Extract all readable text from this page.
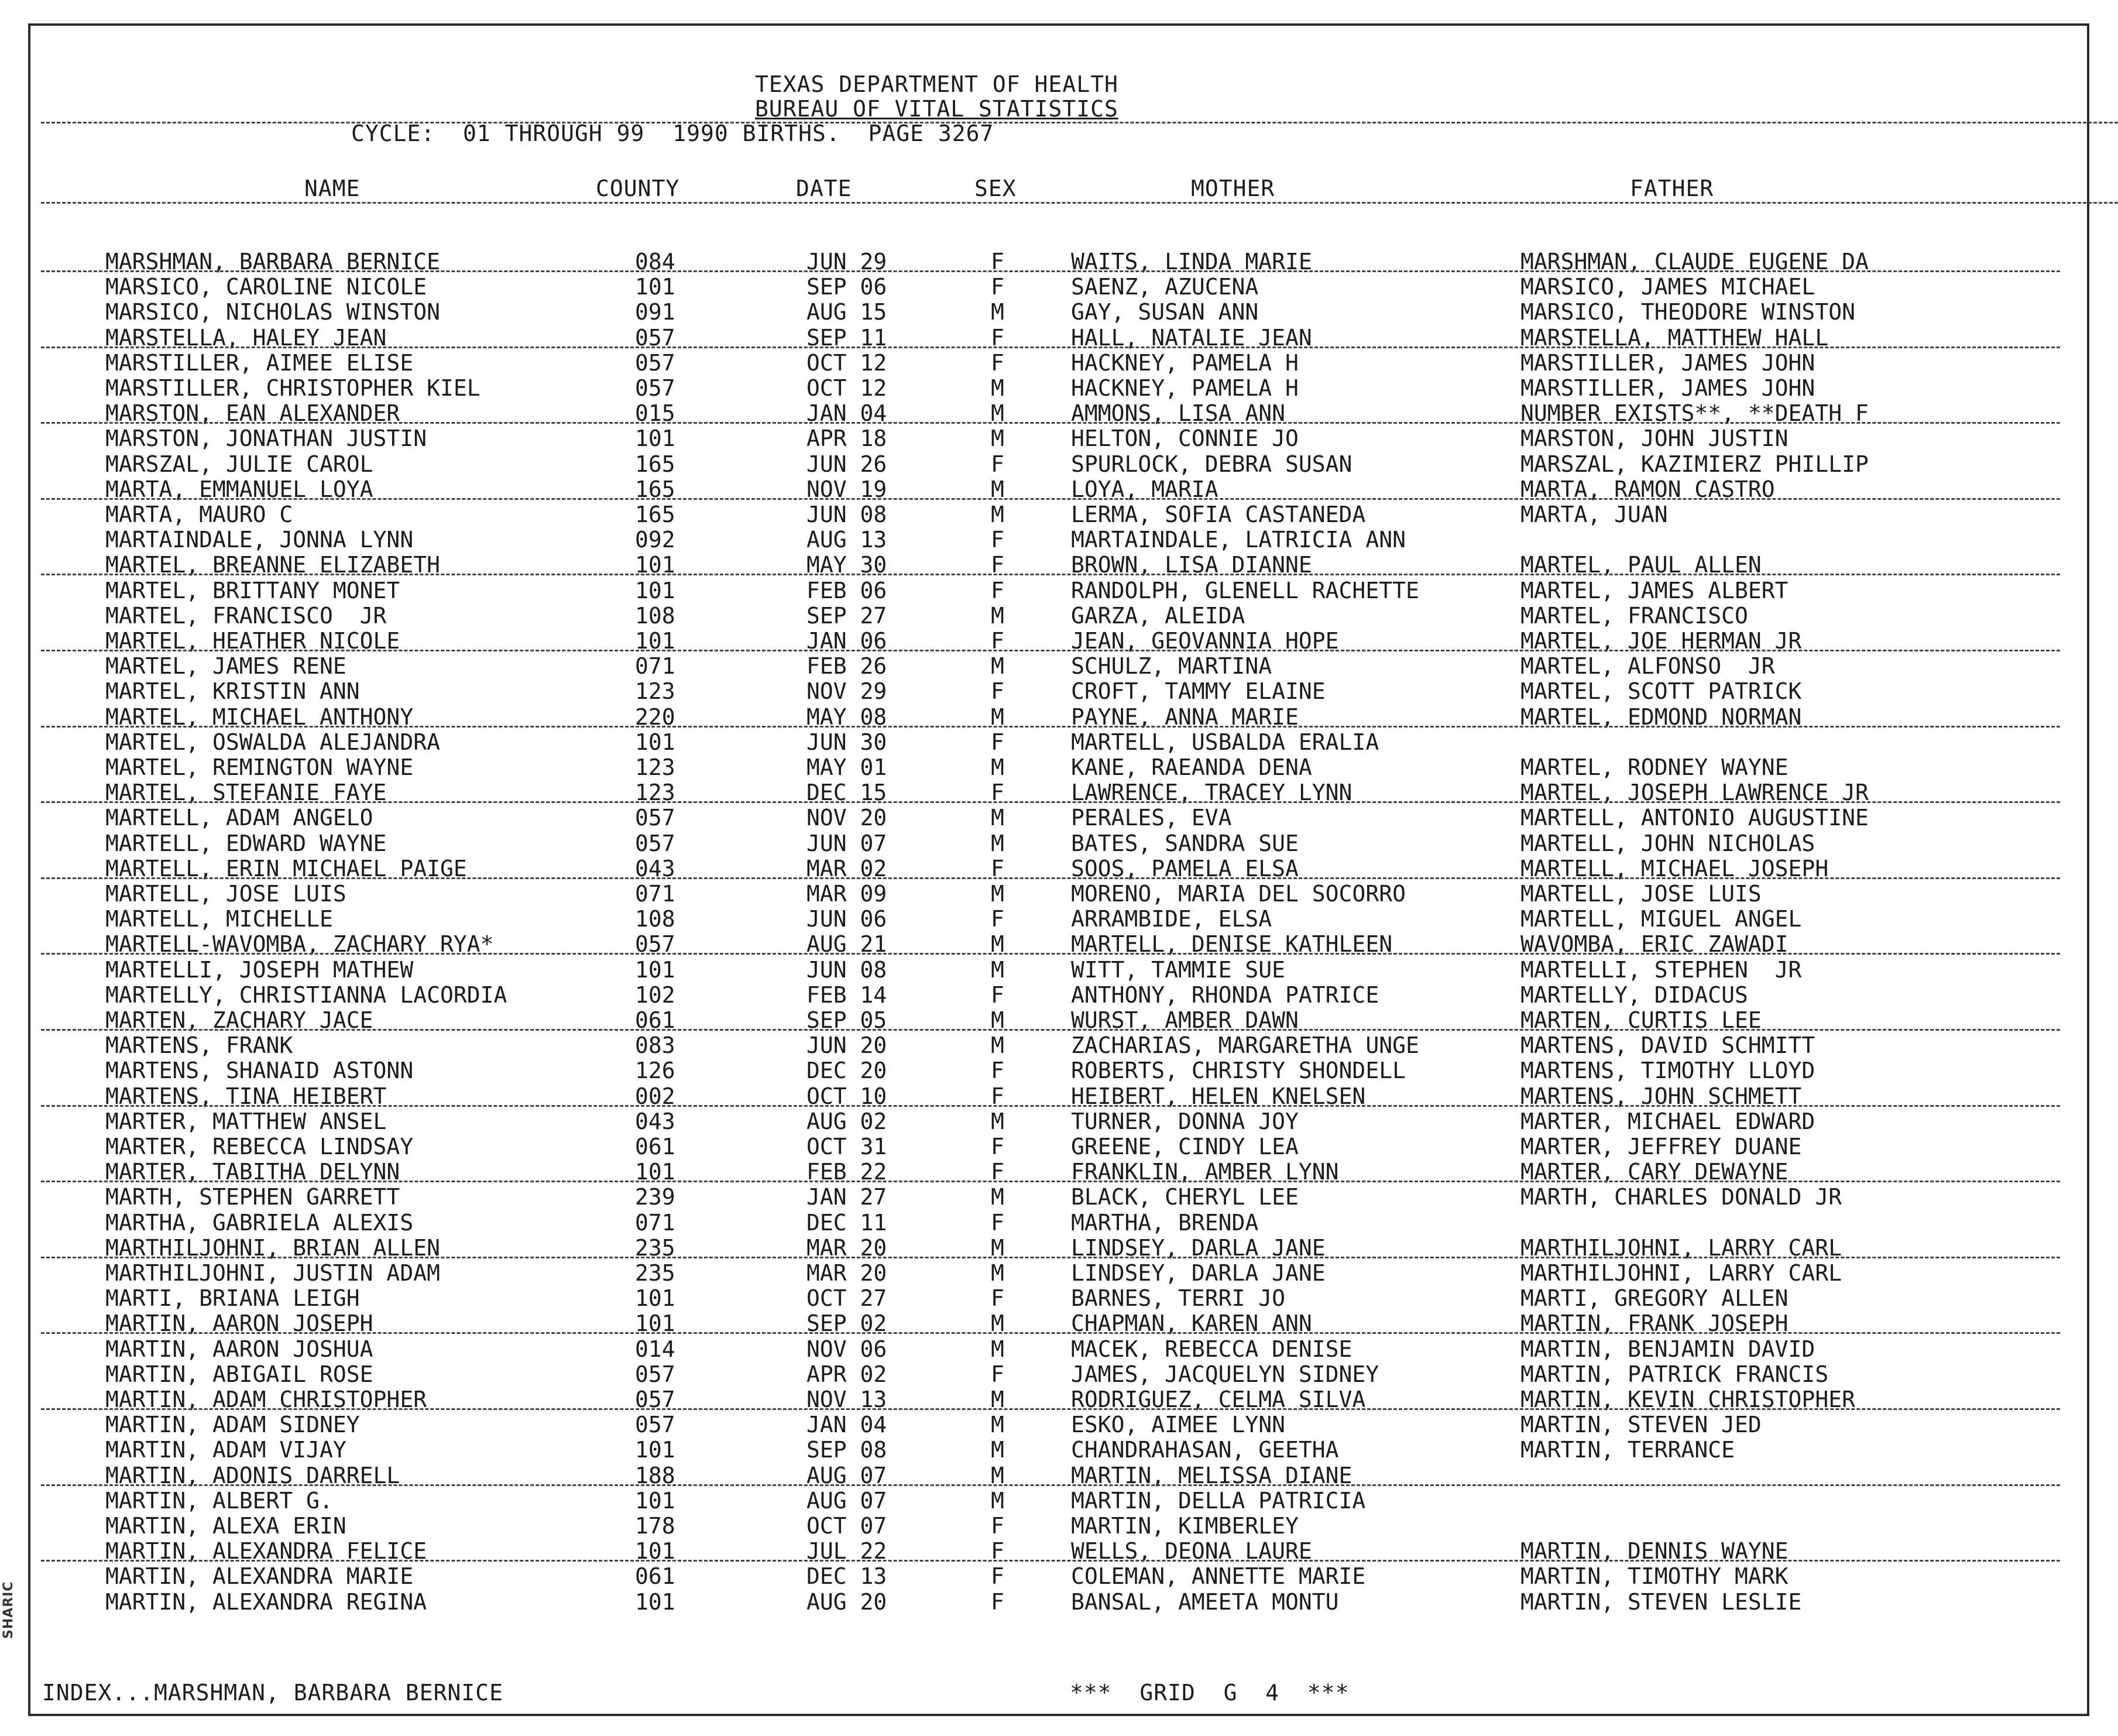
TEXAS DEPARTMENT OF HEALTH
BUREAU OF VITAL STATISTICS
CYCLE:  01 THROUGH 99  1990 BIRTHS.  PAGE 3267
NAME	COUNTY	DATE	SEX	MOTHER	FATHER
MARSHMAN, BARBARA BERNICE	084	JUN 29	F	WAITS, LINDA MARIE	MARSHMAN, CLAUDE EUGENE DA
MARSICO, CAROLINE NICOLE	101	SEP 06	F	SAENZ, AZUCENA	MARSICO, JAMES MICHAEL
MARSICO, NICHOLAS WINSTON	091	AUG 15	M	GAY, SUSAN ANN	MARSICO, THEODORE WINSTON
MARSTELLA, HALEY JEAN	057	SEP 11	F	HALL, NATALIE JEAN	MARSTELLA, MATTHEW HALL
MARSTILLER, AIMEE ELISE	057	OCT 12	F	HACKNEY, PAMELA H	MARSTILLER, JAMES JOHN
MARSTILLER, CHRISTOPHER KIEL	057	OCT 12	M	HACKNEY, PAMELA H	MARSTILLER, JAMES JOHN
MARSTON, EAN ALEXANDER	015	JAN 04	M	AMMONS, LISA ANN	NUMBER EXISTS**, **DEATH F
MARSTON, JONATHAN JUSTIN	101	APR 18	M	HELTON, CONNIE JO	MARSTON, JOHN JUSTIN
MARSZAL, JULIE CAROL	165	JUN 26	F	SPURLOCK, DEBRA SUSAN	MARSZAL, KAZIMIERZ PHILLIP
MARTA, EMMANUEL LOYA	165	NOV 19	M	LOYA, MARIA	MARTA, RAMON CASTRO
MARTA, MAURO C	165	JUN 08	M	LERMA, SOFIA CASTANEDA	MARTA, JUAN
MARTAINDALE, JONNA LYNN	092	AUG 13	F	MARTAINDALE, LATRICIA ANN
MARTEL, BREANNE ELIZABETH	101	MAY 30	F	BROWN, LISA DIANNE	MARTEL, PAUL ALLEN
MARTEL, BRITTANY MONET	101	FEB 06	F	RANDOLPH, GLENELL RACHETTE	MARTEL, JAMES ALBERT
MARTEL, FRANCISCO  JR	108	SEP 27	M	GARZA, ALEIDA	MARTEL, FRANCISCO
MARTEL, HEATHER NICOLE	101	JAN 06	F	JEAN, GEOVANNIA HOPE	MARTEL, JOE HERMAN JR
MARTEL, JAMES RENE	071	FEB 26	M	SCHULZ, MARTINA	MARTEL, ALFONSO  JR
MARTEL, KRISTIN ANN	123	NOV 29	F	CROFT, TAMMY ELAINE	MARTEL, SCOTT PATRICK
MARTEL, MICHAEL ANTHONY	220	MAY 08	M	PAYNE, ANNA MARIE	MARTEL, EDMOND NORMAN
MARTEL, OSWALDA ALEJANDRA	101	JUN 30	F	MARTELL, USBALDA ERALIA
MARTEL, REMINGTON WAYNE	123	MAY 01	M	KANE, RAEANDA DENA	MARTEL, RODNEY WAYNE
MARTEL, STEFANIE FAYE	123	DEC 15	F	LAWRENCE, TRACEY LYNN	MARTEL, JOSEPH LAWRENCE JR
MARTELL, ADAM ANGELO	057	NOV 20	M	PERALES, EVA	MARTELL, ANTONIO AUGUSTINE
MARTELL, EDWARD WAYNE	057	JUN 07	M	BATES, SANDRA SUE	MARTELL, JOHN NICHOLAS
MARTELL, ERIN MICHAEL PAIGE	043	MAR 02	F	SOOS, PAMELA ELSA	MARTELL, MICHAEL JOSEPH
MARTELL, JOSE LUIS	071	MAR 09	M	MORENO, MARIA DEL SOCORRO	MARTELL, JOSE LUIS
MARTELL, MICHELLE	108	JUN 06	F	ARRAMBIDE, ELSA	MARTELL, MIGUEL ANGEL
MARTELL-WAVOMBA, ZACHARY RYA*	057	AUG 21	M	MARTELL, DENISE KATHLEEN	WAVOMBA, ERIC ZAWADI
MARTELLI, JOSEPH MATHEW	101	JUN 08	M	WITT, TAMMIE SUE	MARTELLI, STEPHEN  JR
MARTELLY, CHRISTIANNA LACORDIA	102	FEB 14	F	ANTHONY, RHONDA PATRICE	MARTELLY, DIDACUS
MARTEN, ZACHARY JACE	061	SEP 05	M	WURST, AMBER DAWN	MARTEN, CURTIS LEE
MARTENS, FRANK	083	JUN 20	M	ZACHARIAS, MARGARETHA UNGE	MARTENS, DAVID SCHMITT
MARTENS, SHANAID ASTONN	126	DEC 20	F	ROBERTS, CHRISTY SHONDELL	MARTENS, TIMOTHY LLOYD
MARTENS, TINA HEIBERT	002	OCT 10	F	HEIBERT, HELEN KNELSEN	MARTENS, JOHN SCHMETT
MARTER, MATTHEW ANSEL	043	AUG 02	M	TURNER, DONNA JOY	MARTER, MICHAEL EDWARD
MARTER, REBECCA LINDSAY	061	OCT 31	F	GREENE, CINDY LEA	MARTER, JEFFREY DUANE
MARTER, TABITHA DELYNN	101	FEB 22	F	FRANKLIN, AMBER LYNN	MARTER, CARY DEWAYNE
MARTH, STEPHEN GARRETT	239	JAN 27	M	BLACK, CHERYL LEE	MARTH, CHARLES DONALD JR
MARTHA, GABRIELA ALEXIS	071	DEC 11	F	MARTHA, BRENDA
MARTHILJOHNI, BRIAN ALLEN	235	MAR 20	M	LINDSEY, DARLA JANE	MARTHILJOHNI, LARRY CARL
MARTHILJOHNI, JUSTIN ADAM	235	MAR 20	M	LINDSEY, DARLA JANE	MARTHILJOHNI, LARRY CARL
MARTI, BRIANA LEIGH	101	OCT 27	F	BARNES, TERRI JO	MARTI, GREGORY ALLEN
MARTIN, AARON JOSEPH	101	SEP 02	M	CHAPMAN, KAREN ANN	MARTIN, FRANK JOSEPH
MARTIN, AARON JOSHUA	014	NOV 06	M	MACEK, REBECCA DENISE	MARTIN, BENJAMIN DAVID
MARTIN, ABIGAIL ROSE	057	APR 02	F	JAMES, JACQUELYN SIDNEY	MARTIN, PATRICK FRANCIS
MARTIN, ADAM CHRISTOPHER	057	NOV 13	M	RODRIGUEZ, CELMA SILVA	MARTIN, KEVIN CHRISTOPHER
MARTIN, ADAM SIDNEY	057	JAN 04	M	ESKO, AIMEE LYNN	MARTIN, STEVEN JED
MARTIN, ADAM VIJAY	101	SEP 08	M	CHANDRAHASAN, GEETHA	MARTIN, TERRANCE
MARTIN, ADONIS DARRELL	188	AUG 07	M	MARTIN, MELISSA DIANE
MARTIN, ALBERT G.	101	AUG 07	M	MARTIN, DELLA PATRICIA
MARTIN, ALEXA ERIN	178	OCT 07	F	MARTIN, KIMBERLEY
MARTIN, ALEXANDRA FELICE	101	JUL 22	F	WELLS, DEONA LAURE	MARTIN, DENNIS WAYNE
MARTIN, ALEXANDRA MARIE	061	DEC 13	F	COLEMAN, ANNETTE MARIE	MARTIN, TIMOTHY MARK
MARTIN, ALEXANDRA REGINA	101	AUG 20	F	BANSAL, AMEETA MONTU	MARTIN, STEVEN LESLIE
INDEX...MARSHMAN, BARBARA BERNICE	***  GRID  G  4  ***
SHARIC
